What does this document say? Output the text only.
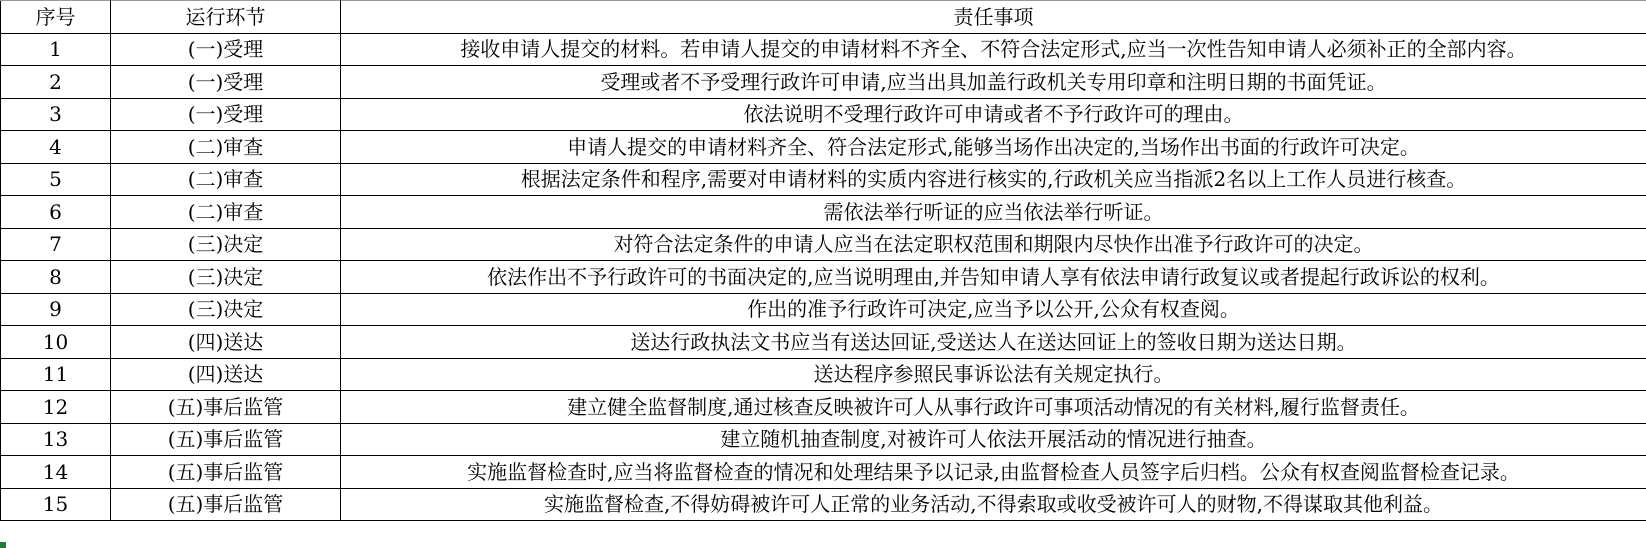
序号	运行环节	责任事项
1	(一)受理	接收申请人提交的材料。若申请人提交的申请材料不齐全、不符合法定形式,应当一次性告知申请人必须补正的全部内容。
2	(一)受理	受理或者不予受理行政许可申请,应当出具加盖行政机关专用印章和注明日期的书面凭证。
3	(一)受理	依法说明不受理行政许可申请或者不予行政许可的理由。
4	(二)审查	申请人提交的申请材料齐全、符合法定形式,能够当场作出决定的,当场作出书面的行政许可决定。
5	(二)审查	根据法定条件和程序,需要对申请材料的实质内容进行核实的,行政机关应当指派2名以上工作人员进行核查。
6	(二)审查	需依法举行听证的应当依法举行听证。
7	(三)决定	对符合法定条件的申请人应当在法定职权范围和期限内尽快作出准予行政许可的决定。
8	(三)决定	依法作出不予行政许可的书面决定的,应当说明理由,并告知申请人享有依法申请行政复议或者提起行政诉讼的权利。
9	(三)决定	作出的准予行政许可决定,应当予以公开,公众有权查阅。
10	(四)送达	送达行政执法文书应当有送达回证,受送达人在送达回证上的签收日期为送达日期。
11	(四)送达	送达程序参照民事诉讼法有关规定执行。
12	(五)事后监管	建立健全监督制度,通过核查反映被许可人从事行政许可事项活动情况的有关材料,履行监督责任。
13	(五)事后监管	建立随机抽查制度,对被许可人依法开展活动的情况进行抽查。
14	(五)事后监管	实施监督检查时,应当将监督检查的情况和处理结果予以记录,由监督检查人员签字后归档。公众有权查阅监督检查记录。
15	(五)事后监管	实施监督检查,不得妨碍被许可人正常的业务活动,不得索取或收受被许可人的财物,不得谋取其他利益。
